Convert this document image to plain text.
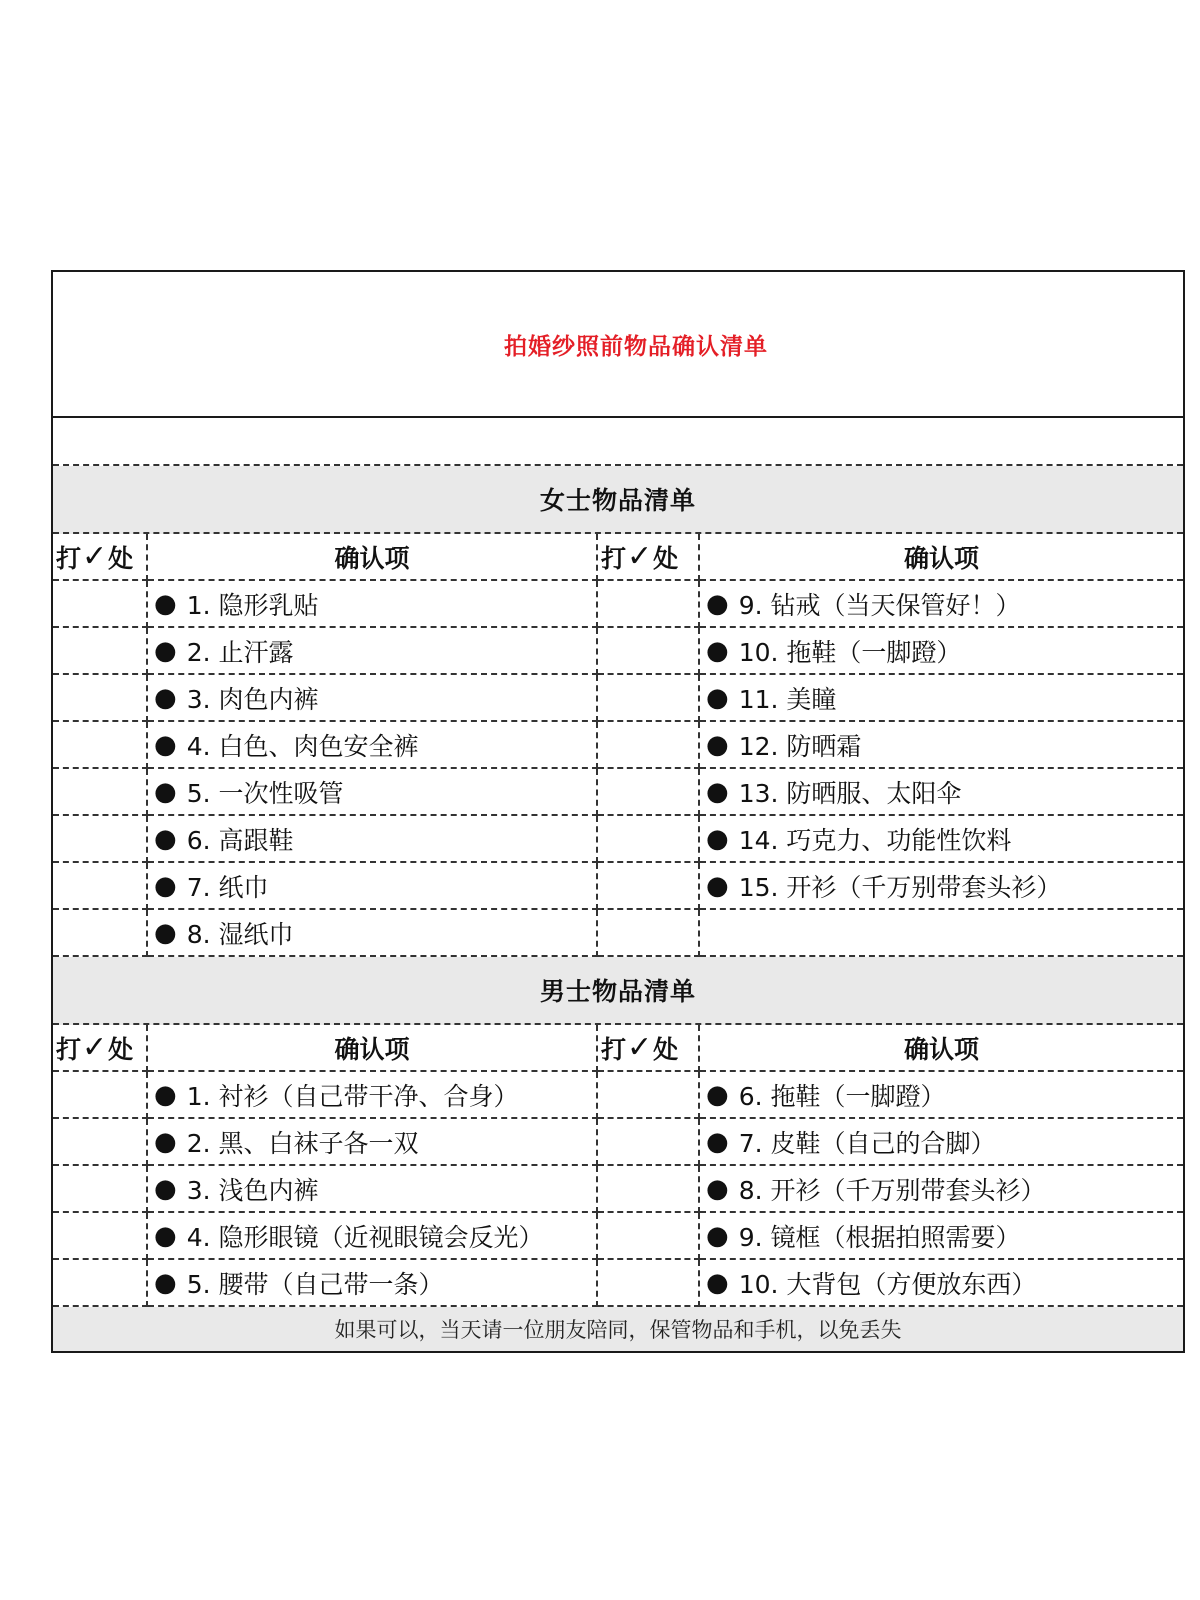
拍婚纱照前物品确认清单
女士物品清单
打 ✓ 处	确认项	打 ✓ 处	确认项
● 1. 隐形乳贴	● 9. 钻戒（当天保管好！）
● 2. 止汗露	● 10. 拖鞋（一脚蹬）
● 3. 肉色内裤	● 11. 美瞳
● 4. 白色、肉色安全裤	● 12. 防晒霜
● 5. 一次性吸管	● 13. 防晒服、太阳伞
● 6. 高跟鞋	● 14. 巧克力、功能性饮料
● 7. 纸巾	● 15. 开衫（千万别带套头衫）
● 8. 湿纸巾
男士物品清单
打 ✓ 处	确认项	打 ✓ 处	确认项
● 1. 衬衫（自己带干净、合身）	● 6. 拖鞋（一脚蹬）
● 2. 黑、白袜子各一双	● 7. 皮鞋（自己的合脚）
● 3. 浅色内裤	● 8. 开衫（千万别带套头衫）
● 4. 隐形眼镜（近视眼镜会反光）	● 9. 镜框（根据拍照需要）
● 5. 腰带（自己带一条）	● 10. 大背包（方便放东西）
如果可以，当天请一位朋友陪同，保管物品和手机，以免丢失
